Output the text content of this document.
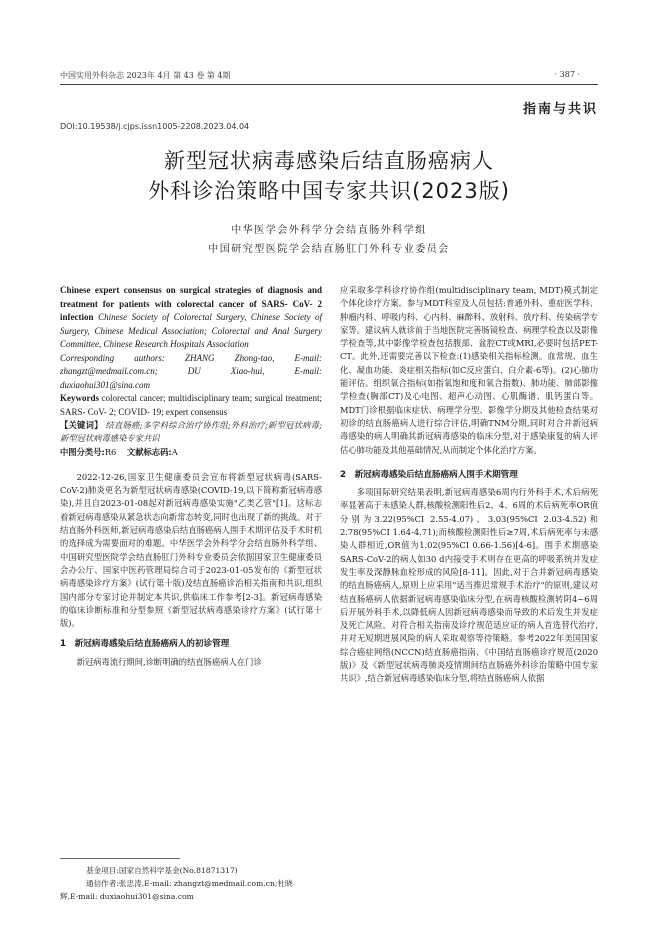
中国实用外科杂志 2023年 4月 第 43 卷 第 4期	· 387 ·
指南与共识
DOI:10.19538/j.cjps.issn1005-2208.2023.04.04
新型冠状病毒感染后结直肠癌病人
外科诊治策略中国专家共识(2023版)
中华医学会外科学分会结直肠外科学组
中国研究型医院学会结直肠肛门外科专业委员会
Chinese expert consensus on surgical strategies of diagnosis and treatment for patients with colorectal cancer of SARS- CoV- 2 infection Chinese Society of Colorectal Surgery, Chinese Society of Surgery, Chinese Medical Association; Colorectal and Anal Surgery Committee, Chinese Research Hospitals Association
Corresponding authors: ZHANG Zhong-tao, E-mail: zhangzt@medmail.com.cn; DU Xiao-hui, E-mail: duxiaohui301@sina.com
Keywords colorectal cancer; multidisciplinary team; surgical treatment; SARS- CoV- 2; COVID- 19; expert consensus
【关键词】 结直肠癌;多学科综合治疗协作组;外科治疗;新型冠状病毒;新型冠状病毒感染专家共识
中图分类号:R6 文献标志码:A

2022-12-26,国家卫生健康委员会宣布将新型冠状病毒(SARS-CoV-2)肺炎更名为新型冠状病毒感染(COVID-19,以下简称新冠病毒感染),并且自2023-01-08起对新冠病毒感染实施"乙类乙管"[1]。这标志着新冠病毒感染从紧急状态向新常态转变,同时也出现了新的挑战。对于结直肠外科医师,新冠病毒感染后结直肠癌病人围手术期评估及手术时机的选择成为需要面对的难题。中华医学会外科学分会结直肠外科学组、中国研究型医院学会结直肠肛门外科专业委员会依据国家卫生健康委员会办公厅、国家中医药管理局综合司于2023-01-05发布的《新型冠状病毒感染诊疗方案》(试行第十版)及结直肠癌诊治相关指南和共识,组织国内部分专家讨论并制定本共识,供临床工作参考[2-3]。新冠病毒感染的临床诊断标准和分型参照《新型冠状病毒感染诊疗方案》(试行第十版)。

1　新冠病毒感染后结直肠癌病人的初诊管理

新冠病毒流行期间,诊断明确的结直肠癌病人在门诊

应采取多学科诊疗协作组(multidisciplinary team, MDT)模式制定个体化诊疗方案。参与MDT科室及人员包括:普通外科、重症医学科、肿瘤内科、呼吸内科、心内科、麻醉科、放射科、放疗科、传染病学专家等。建议病人就诊前于当地医院完善肠镜检查、病理学检查以及影像学检查等,其中影像学检查包括腹部、盆腔CT或MRI,必要时包括PET-CT。此外,还需要完善以下检查:(1)感染相关指标检测。血常规、血生化、凝血功能、炎症相关指标(如C反应蛋白、白介素-6等)。(2)心肺功能评估。组织氧合指标(如指氧饱和度和氧合指数)、肺功能、肺部影像学检查(胸部CT)及心电图、超声心动图、心肌酶谱、肌钙蛋白等。MDT门诊根据临床症状、病理学分型、影像学分期及其他检查结果对初诊的结直肠癌病人进行综合评估,明确TNM分期,同时对合并新冠病毒感染的病人明确其新冠病毒感染的临床分型,对于感染康复的病人评估心肺功能及其他基础情况,从而制定个体化治疗方案。

2　新冠病毒感染后结直肠癌病人围手术期管理

多项国际研究结果表明,新冠病毒感染6周内行外科手术,术后病死率显著高于未感染人群,核酸检测阳性后2、4、6周的术后病死率OR值分别为3.22(95%CI 2.55-4.07)、3.03(95%CI 2.03-4.52)和2.78(95%CI 1.64-4.71);而核酸检测阳性后≥7周,术后病死率与未感染人群相近,OR值为1.02(95%CI 0.66-1.56)[4-6]。围手术期感染SARS-CoV-2的病人如30 d内接受手术则存在更高的呼吸系统并发症发生率及深静脉血栓形成的风险[8-11]。因此,对于合并新冠病毒感染的结直肠癌病人,原则上应采用"适当推迟常规手术治疗"的原则,建议对结直肠癌病人依据新冠病毒感染临床分型,在病毒核酸检测转阴4~6周后开展外科手术,以降低病人因新冠病毒感染而导致的术后发生并发症及死亡风险。对符合相关指南及诊疗规范适应证的病人首选替代治疗,并对无短期进展风险的病人采取观察等待策略。参考2022年美国国家综合癌症网络(NCCN)结直肠癌指南、《中国结直肠癌诊疗规范(2020版)》及《新型冠状病毒肺炎疫情期间结直肠癌外科诊治策略中国专家共识》,结合新冠病毒感染临床分型,将结直肠癌病人依据

基金项目:国家自然科学基金(No.81871317)
通信作者:张忠涛,E-mail: zhangzt@medmail.com.cn;杜晓
辉,E-mail: duxiaohui301@sina.com
